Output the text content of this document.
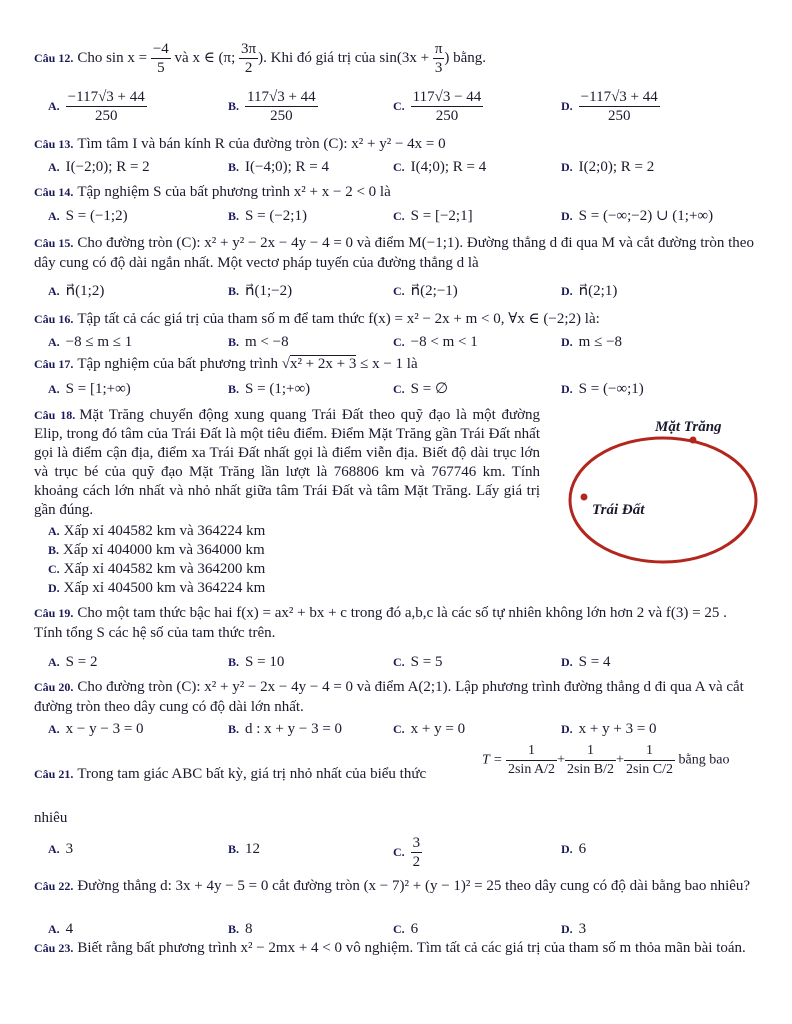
Câu 12. Cho $\sin x = \frac{-4}{5}$ và x ∈ (π; $\frac{3\pi}{2}$ ). Khi đó giá trị của $\sin(3x + \frac{\pi}{3}$ ) bằng.
A. $\frac{-117√3 + 44}{250}$	B. $\frac{117√3 + 44}{250}$	C. $\frac{117√3 - 44}{250}$	D. $\frac{-117√3 + 44}{250}$
Câu 13. Tìm tâm I và bán kính R của đường tròn (C): x² + y² − 4x = 0
A. I(−2;0); R = 2	B. I(−4;0); R = 4	C. I(4;0); R = 4	D. I(2;0); R = 2
Câu 14. Tập nghiệm S của bất phương trình x² + x − 2 < 0 là
A. S = (−1;2)	B. S = (−2;1)	C. S = [−2;1]	D. S = (−∞;−2) ∪ (1;+∞)
Câu 15. Cho đường tròn (C): x² + y² − 2x − 4y − 4 = 0 và điểm M(−1;1). Đường thẳng d đi qua M và cắt đường tròn theo dây cung có độ dài ngắn nhất. Một vectơ pháp tuyến của đường thẳng d là
A. n⃗(1;2)	B. n⃗(1;−2)	C. n⃗(2;−1)	D. n⃗(2;1)
Câu 16. Tập tất cả các giá trị của tham số m để tam thức f(x) = x² − 2x + m < 0, ∀x ∈ (−2;2) là:
A. −8 ≤ m ≤ 1	B. m < −8	C. −8 < m < 1	D. m ≤ −8
Câu 17. Tập nghiệm của bất phương trình √x² + 2x + 3 ≤ x − 1 là
A. S = [1;+∞)	B. S = (1;+∞)	C. S = ∅	D. S = (−∞;1)
Câu 18. Mặt Trăng chuyển động xung quang Trái Đất theo quỹ đạo là một đường Elip, trong đó tâm của Trái Đất là một tiêu điểm. Điểm Mặt Trăng gần Trái Đất nhất gọi là điểm cận địa, điểm xa Trái Đất nhất gọi là điểm viễn địa. Biết độ dài trục lớn và trục bé của quỹ đạo Mặt Trăng lần lượt là 768806 km và 767746 km. Tính khoảng cách lớn nhất và nhỏ nhất giữa tâm Trái Đất và tâm Mặt Trăng. Lấy giá trị gần đúng.
A. Xấp xỉ 404582 km và 364224 km
B. Xấp xỉ 404000 km và 364000 km
C. Xấp xỉ 404582 km và 364200 km
D. Xấp xỉ 404500 km và 364224 km
Mặt Trăng
Trái Đất
Câu 19. Cho một tam thức bậc hai f(x) = ax² + bx + c trong đó a,b,c là các số tự nhiên không lớn hơn 2 và f(3) = 25 . Tính tổng S các hệ số của tam thức trên.
A. S = 2	B. S = 10	C. S = 5	D. S = 4
Câu 20. Cho đường tròn (C): x² + y² − 2x − 4y − 4 = 0 và điểm A(2;1). Lập phương trình đường thẳng d đi qua A và cắt đường tròn theo dây cung có độ dài lớn nhất.
A. x − y − 3 = 0	B. d : x + y − 3 = 0	C. x + y = 0	D. x + y + 3 = 0
Câu 21. Trong tam giác ABC bất kỳ, giá trị nhỏ nhất của biểu thức
$T = \frac{1}{\text{2sin A/2}} + \frac{1}{\text{2sin B/2}} + \frac{1}{\text{2sin C/2}}$ bằng bao
nhiêu
A. 3	B. 12	C. $\frac{3}{2}$	D. 6
Câu 22. Đường thẳng d: 3x + 4y − 5 = 0 cắt đường tròn (x − 7)² + (y − 1)² = 25 theo dây cung có độ dài bằng bao nhiêu?
A. 4	B. 8	C. 6	D. 3
Câu 23. Biết rằng bất phương trình x² − 2mx + 4 < 0 vô nghiệm. Tìm tất cả các giá trị của tham số m thỏa mãn bài toán.
